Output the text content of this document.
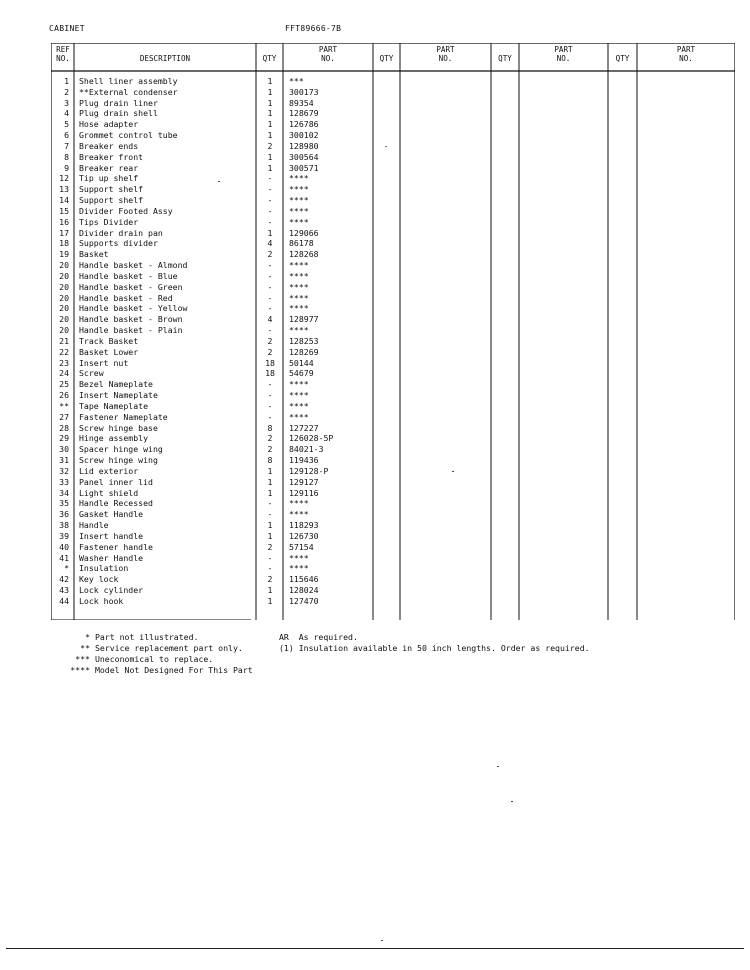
CABINET	FFT89666-7B
REF
NO.	DESCRIPTION	QTY
PART
NO.	QTY
PART
NO.	QTY
PART
NO.	QTY
PART
NO.
1 Shell liner assembly	1	***
2 **External condenser	1	300173
3 Plug drain liner	1	89354
4 Plug drain shell	1	128679
5 Hose adapter	1	126786
6 Grommet control tube	1	300102
7 Breaker ends	2	128980	-
8 Breaker front	1	300564
9 Breaker rear	1	300571
12 Tip up shelf	-	****
13 Support shelf	-	****
14 Support shelf	-	****
15 Divider Footed Assy	-	****
16 Tips Divider	-	****
17 Divider drain pan	1	129066
18 Supports divider	4	86178
19 Basket	2	128268
20 Handle basket - Almond	-	****
20 Handle basket - Blue	-	****
20 Handle basket - Green	-	****
20 Handle basket - Red	-	****
20 Handle basket - Yellow	-	****
20 Handle basket - Brown	4	128977
20 Handle basket - Plain	-	****
21 Track Basket	2	128253
22 Basket Lower	2	128269
23 Insert nut	18	50144
24 Screw	18	54679
25 Bezel Nameplate	-	****
26 Insert Nameplate	-	****
** Tape Nameplate	-	****
27 Fastener Nameplate	-	****
28 Screw hinge base	8	127227
29 Hinge assembly	2	126028-5P
30 Spacer hinge wing	2	84021-3
31 Screw hinge wing	8	119436
32 Lid exterior	1	129128-P
33 Panel inner lid	1	129127
34 Light shield	1	129116
35 Handle Recessed	-	****
36 Gasket Handle	-	****
38 Handle	1	118293
39 Insert handle	1	126730
40 Fastener handle	2	57154
41 Washer Handle	-	****
* Insulation	-	****
42 Key lock	2	115646
43 Lock cylinder	1	128024
44 Lock hook	1	127470
* Part not illustrated.
** Service replacement part only.
*** Uneconomical to replace.
**** Model Not Designed For This Part
AR As required.
(1) Insulation available in 50 inch lengths. Order as required.
